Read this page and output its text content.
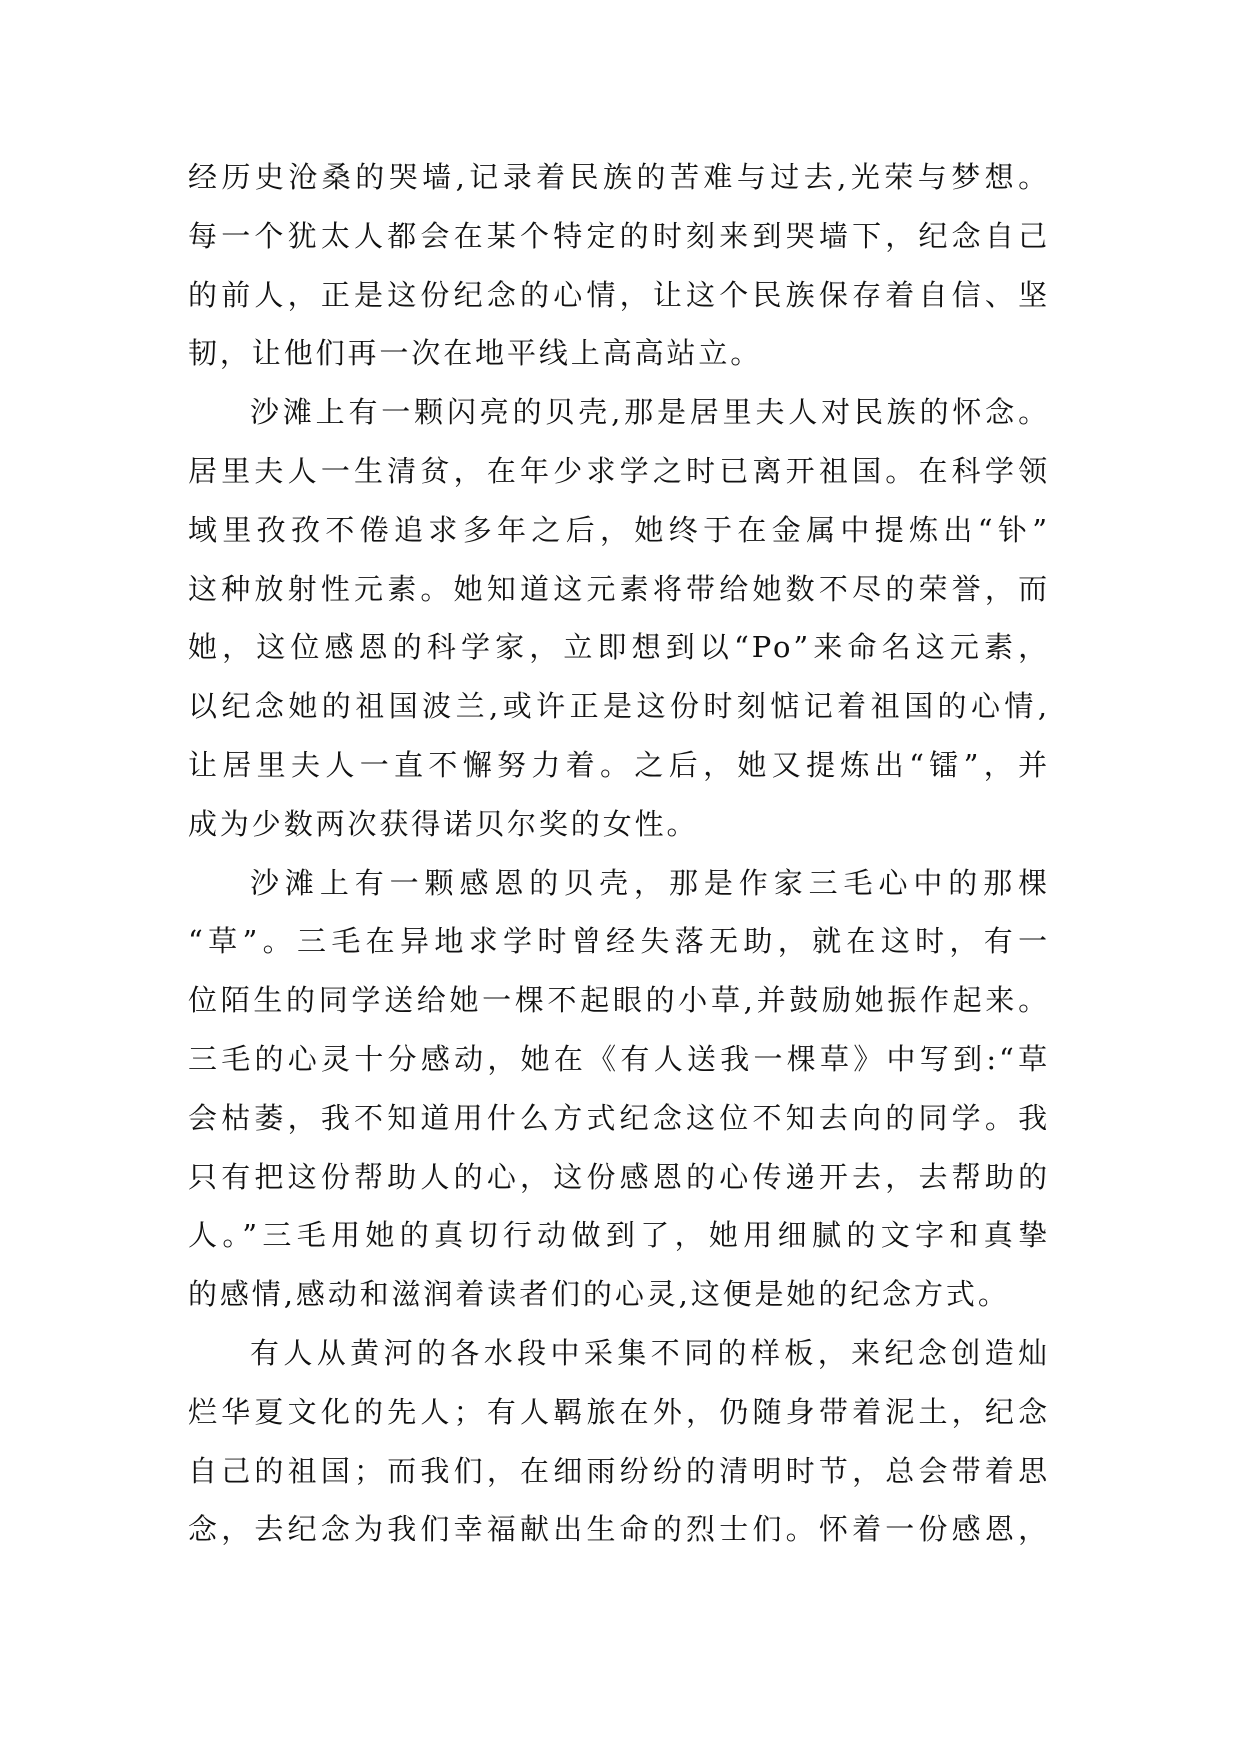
经历史沧桑的哭墙,记录着民族的苦难与过去,光荣与梦想。
每一个犹太人都会在某个特定的时刻来到哭墙下，纪念自己
的前人，正是这份纪念的心情，让这个民族保存着自信、坚
韧，让他们再一次在地平线上高高站立。
沙滩上有一颗闪亮的贝壳,那是居里夫人对民族的怀念。
居里夫人一生清贫，在年少求学之时已离开祖国。在科学领
域里孜孜不倦追求多年之后，她终于在金属中提炼出“钋”
这种放射性元素。她知道这元素将带给她数不尽的荣誉，而
她，这位感恩的科学家，立即想到以“Po”来命名这元素，
以纪念她的祖国波兰,或许正是这份时刻惦记着祖国的心情,
让居里夫人一直不懈努力着。之后，她又提炼出“镭”，并
成为少数两次获得诺贝尔奖的女性。
沙滩上有一颗感恩的贝壳，那是作家三毛心中的那棵
“草”。三毛在异地求学时曾经失落无助，就在这时，有一
位陌生的同学送给她一棵不起眼的小草,并鼓励她振作起来。
三毛的心灵十分感动，她在《有人送我一棵草》中写到:“草
会枯萎，我不知道用什么方式纪念这位不知去向的同学。我
只有把这份帮助人的心，这份感恩的心传递开去，去帮助的
人。”三毛用她的真切行动做到了，她用细腻的文字和真挚
的感情,感动和滋润着读者们的心灵,这便是她的纪念方式。
有人从黄河的各水段中采集不同的样板，来纪念创造灿
烂华夏文化的先人；有人羁旅在外，仍随身带着泥土，纪念
自己的祖国；而我们，在细雨纷纷的清明时节，总会带着思
念，去纪念为我们幸福献出生命的烈士们。怀着一份感恩，
